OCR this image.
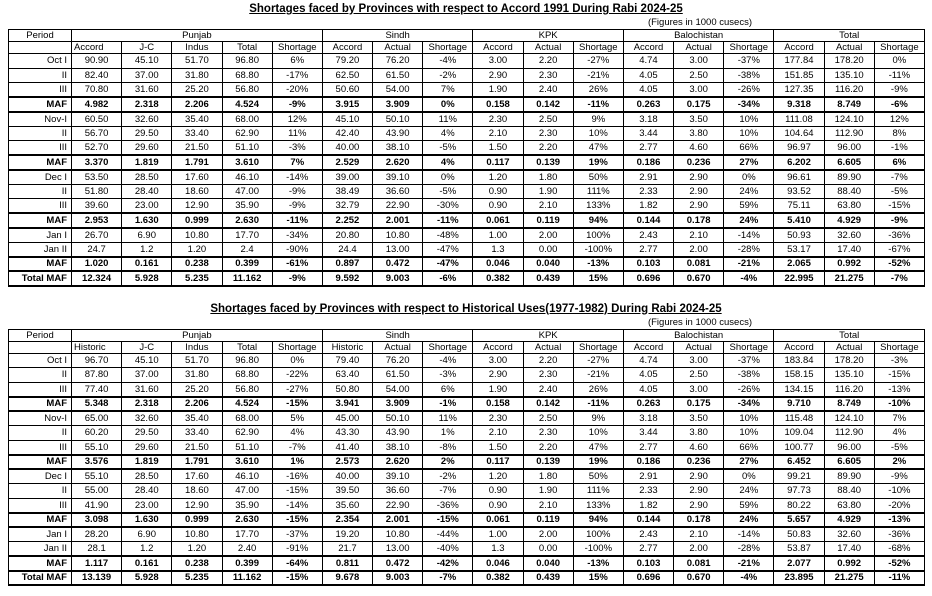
Shortages faced by Provinces with respect to Accord 1991 During Rabi 2024-25
(Figures in 1000 cusecs)
Period	Punjab					Sindh			KPK			Balochistan			Total		
	Accord	J-C	Indus	Total	Shortage	Accord	Actual	Shortage	Accord	Actual	Shortage	Accord	Actual	Shortage	Accord	Actual	Shortage
Oct I	90.90	45.10	51.70	96.80	6%	79.20	76.20	-4%	3.00	2.20	-27%	4.74	3.00	-37%	177.84	178.20	0%
II	82.40	37.00	31.80	68.80	-17%	62.50	61.50	-2%	2.90	2.30	-21%	4.05	2.50	-38%	151.85	135.10	-11%
III	70.80	31.60	25.20	56.80	-20%	50.60	54.00	7%	1.90	2.40	26%	4.05	3.00	-26%	127.35	116.20	-9%
MAF	4.982	2.318	2.206	4.524	-9%	3.915	3.909	0%	0.158	0.142	-11%	0.263	0.175	-34%	9.318	8.749	-6%
Nov-I	60.50	32.60	35.40	68.00	12%	45.10	50.10	11%	2.30	2.50	9%	3.18	3.50	10%	111.08	124.10	12%
II	56.70	29.50	33.40	62.90	11%	42.40	43.90	4%	2.10	2.30	10%	3.44	3.80	10%	104.64	112.90	8%
III	52.70	29.60	21.50	51.10	-3%	40.00	38.10	-5%	1.50	2.20	47%	2.77	4.60	66%	96.97	96.00	-1%
MAF	3.370	1.819	1.791	3.610	7%	2.529	2.620	4%	0.117	0.139	19%	0.186	0.236	27%	6.202	6.605	6%
Dec I	53.50	28.50	17.60	46.10	-14%	39.00	39.10	0%	1.20	1.80	50%	2.91	2.90	0%	96.61	89.90	-7%
II	51.80	28.40	18.60	47.00	-9%	38.49	36.60	-5%	0.90	1.90	111%	2.33	2.90	24%	93.52	88.40	-5%
III	39.60	23.00	12.90	35.90	-9%	32.79	22.90	-30%	0.90	2.10	133%	1.82	2.90	59%	75.11	63.80	-15%
MAF	2.953	1.630	0.999	2.630	-11%	2.252	2.001	-11%	0.061	0.119	94%	0.144	0.178	24%	5.410	4.929	-9%
Jan I	26.70	6.90	10.80	17.70	-34%	20.80	10.80	-48%	1.00	2.00	100%	2.43	2.10	-14%	50.93	32.60	-36%
Jan II	24.7	1.2	1.20	2.4	-90%	24.4	13.00	-47%	1.3	0.00	-100%	2.77	2.00	-28%	53.17	17.40	-67%
MAF	1.020	0.161	0.238	0.399	-61%	0.897	0.472	-47%	0.046	0.040	-13%	0.103	0.081	-21%	2.065	0.992	-52%
Total MAF	12.324	5.928	5.235	11.162	-9%	9.592	9.003	-6%	0.382	0.439	15%	0.696	0.670	-4%	22.995	21.275	-7%
Shortages faced by Provinces with respect to Historical Uses(1977-1982) During Rabi 2024-25
(Figures in 1000 cusecs)
Period	Punjab					Sindh			KPK			Balochistan			Total		
	Historic	J-C	Indus	Total	Shortage	Historic	Actual	Shortage	Accord	Actual	Shortage	Accord	Actual	Shortage	Accord	Actual	Shortage
Oct I	96.70	45.10	51.70	96.80	0%	79.40	76.20	-4%	3.00	2.20	-27%	4.74	3.00	-37%	183.84	178.20	-3%
II	87.80	37.00	31.80	68.80	-22%	63.40	61.50	-3%	2.90	2.30	-21%	4.05	2.50	-38%	158.15	135.10	-15%
III	77.40	31.60	25.20	56.80	-27%	50.80	54.00	6%	1.90	2.40	26%	4.05	3.00	-26%	134.15	116.20	-13%
MAF	5.348	2.318	2.206	4.524	-15%	3.941	3.909	-1%	0.158	0.142	-11%	0.263	0.175	-34%	9.710	8.749	-10%
Nov-I	65.00	32.60	35.40	68.00	5%	45.00	50.10	11%	2.30	2.50	9%	3.18	3.50	10%	115.48	124.10	7%
II	60.20	29.50	33.40	62.90	4%	43.30	43.90	1%	2.10	2.30	10%	3.44	3.80	10%	109.04	112.90	4%
III	55.10	29.60	21.50	51.10	-7%	41.40	38.10	-8%	1.50	2.20	47%	2.77	4.60	66%	100.77	96.00	-5%
MAF	3.576	1.819	1.791	3.610	1%	2.573	2.620	2%	0.117	0.139	19%	0.186	0.236	27%	6.452	6.605	2%
Dec I	55.10	28.50	17.60	46.10	-16%	40.00	39.10	-2%	1.20	1.80	50%	2.91	2.90	0%	99.21	89.90	-9%
II	55.00	28.40	18.60	47.00	-15%	39.50	36.60	-7%	0.90	1.90	111%	2.33	2.90	24%	97.73	88.40	-10%
III	41.90	23.00	12.90	35.90	-14%	35.60	22.90	-36%	0.90	2.10	133%	1.82	2.90	59%	80.22	63.80	-20%
MAF	3.098	1.630	0.999	2.630	-15%	2.354	2.001	-15%	0.061	0.119	94%	0.144	0.178	24%	5.657	4.929	-13%
Jan I	28.20	6.90	10.80	17.70	-37%	19.20	10.80	-44%	1.00	2.00	100%	2.43	2.10	-14%	50.83	32.60	-36%
Jan II	28.1	1.2	1.20	2.40	-91%	21.7	13.00	-40%	1.3	0.00	-100%	2.77	2.00	-28%	53.87	17.40	-68%
MAF	1.117	0.161	0.238	0.399	-64%	0.811	0.472	-42%	0.046	0.040	-13%	0.103	0.081	-21%	2.077	0.992	-52%
Total MAF	13.139	5.928	5.235	11.162	-15%	9.678	9.003	-7%	0.382	0.439	15%	0.696	0.670	-4%	23.895	21.275	-11%
